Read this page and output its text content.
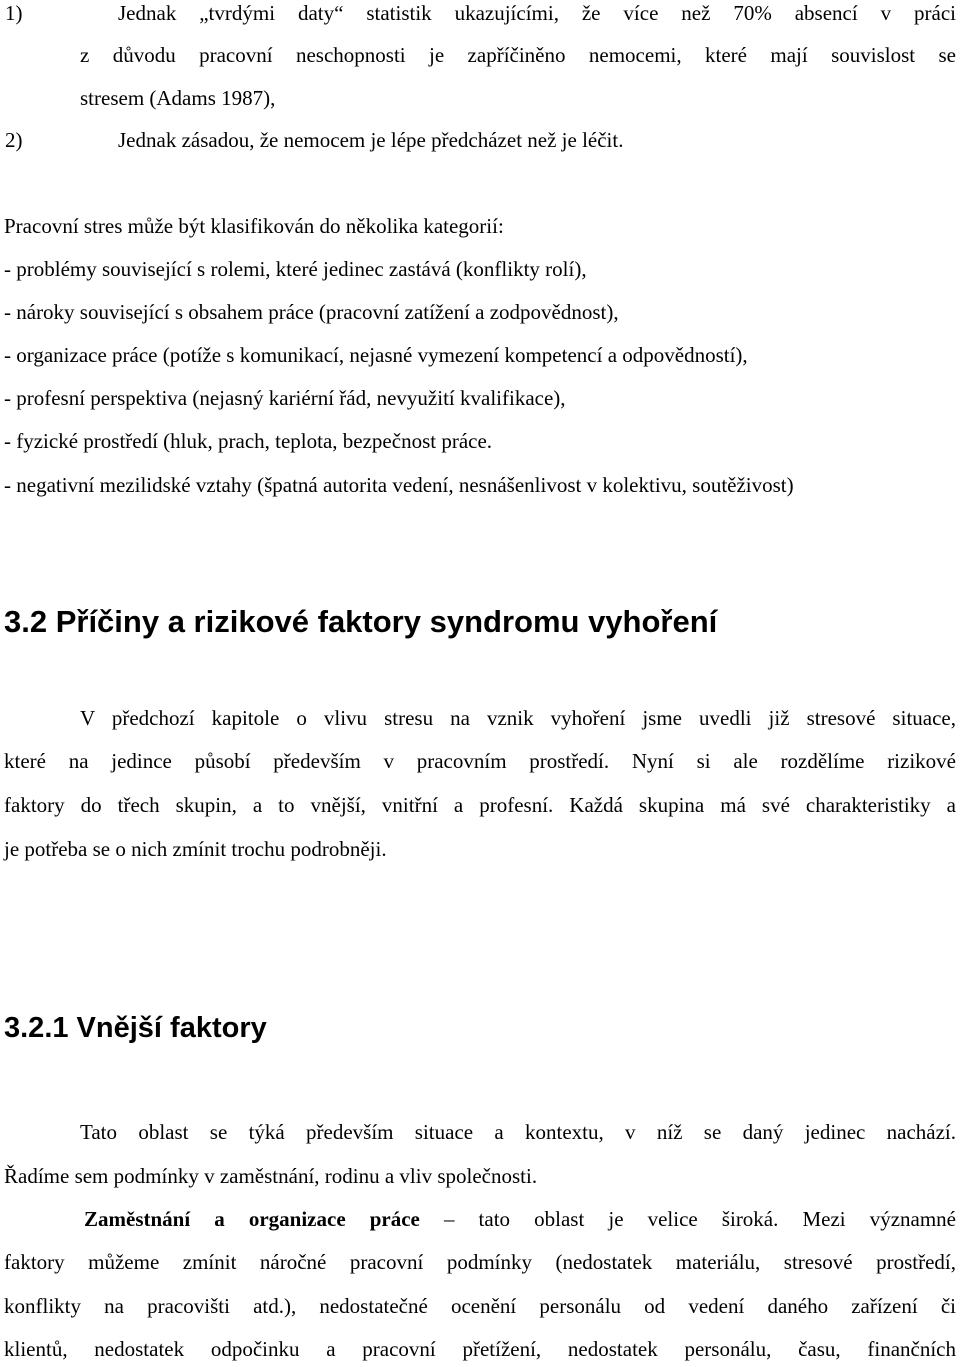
1)	Jednak „tvrdými daty“ statistik ukazujícími, že více než 70% absencí v práci
z důvodu pracovní neschopnosti je zapříčiněno nemocemi, které mají souvislost se
stresem (Adams 1987),
2)	Jednak zásadou, že nemocem je lépe předcházet než je léčit.
Pracovní stres může být klasifikován do několika kategorií:
- problémy související s rolemi, které jedinec zastává (konflikty rolí),
- nároky související s obsahem práce (pracovní zatížení a zodpovědnost),
- organizace práce (potíže s komunikací, nejasné vymezení kompetencí a odpovědností),
- profesní perspektiva (nejasný kariérní řád, nevyužití kvalifikace),
- fyzické prostředí (hluk, prach, teplota, bezpečnost práce.
- negativní mezilidské vztahy (špatná autorita vedení, nesnášenlivost v kolektivu, soutěživost)
3.2 Příčiny a rizikové faktory syndromu vyhoření
V předchozí kapitole o vlivu stresu na vznik vyhoření jsme uvedli již stresové situace,
které na jedince působí především v pracovním prostředí. Nyní si ale rozdělíme rizikové
faktory do třech skupin, a to vnější, vnitřní a profesní. Každá skupina má své charakteristiky a
je potřeba se o nich zmínit trochu podrobněji.
3.2.1 Vnější faktory
Tato oblast se týká především situace a kontextu, v níž se daný jedinec nachází.
Řadíme sem podmínky v zaměstnání, rodinu a vliv společnosti.
Zaměstnání a organizace práce – tato oblast je velice široká. Mezi významné
faktory můžeme zmínit náročné pracovní podmínky (nedostatek materiálu, stresové prostředí,
konflikty na pracovišti atd.), nedostatečné ocenění personálu od vedení daného zařízení či
klientů, nedostatek odpočinku a pracovní přetížení, nedostatek personálu, času, finančních
